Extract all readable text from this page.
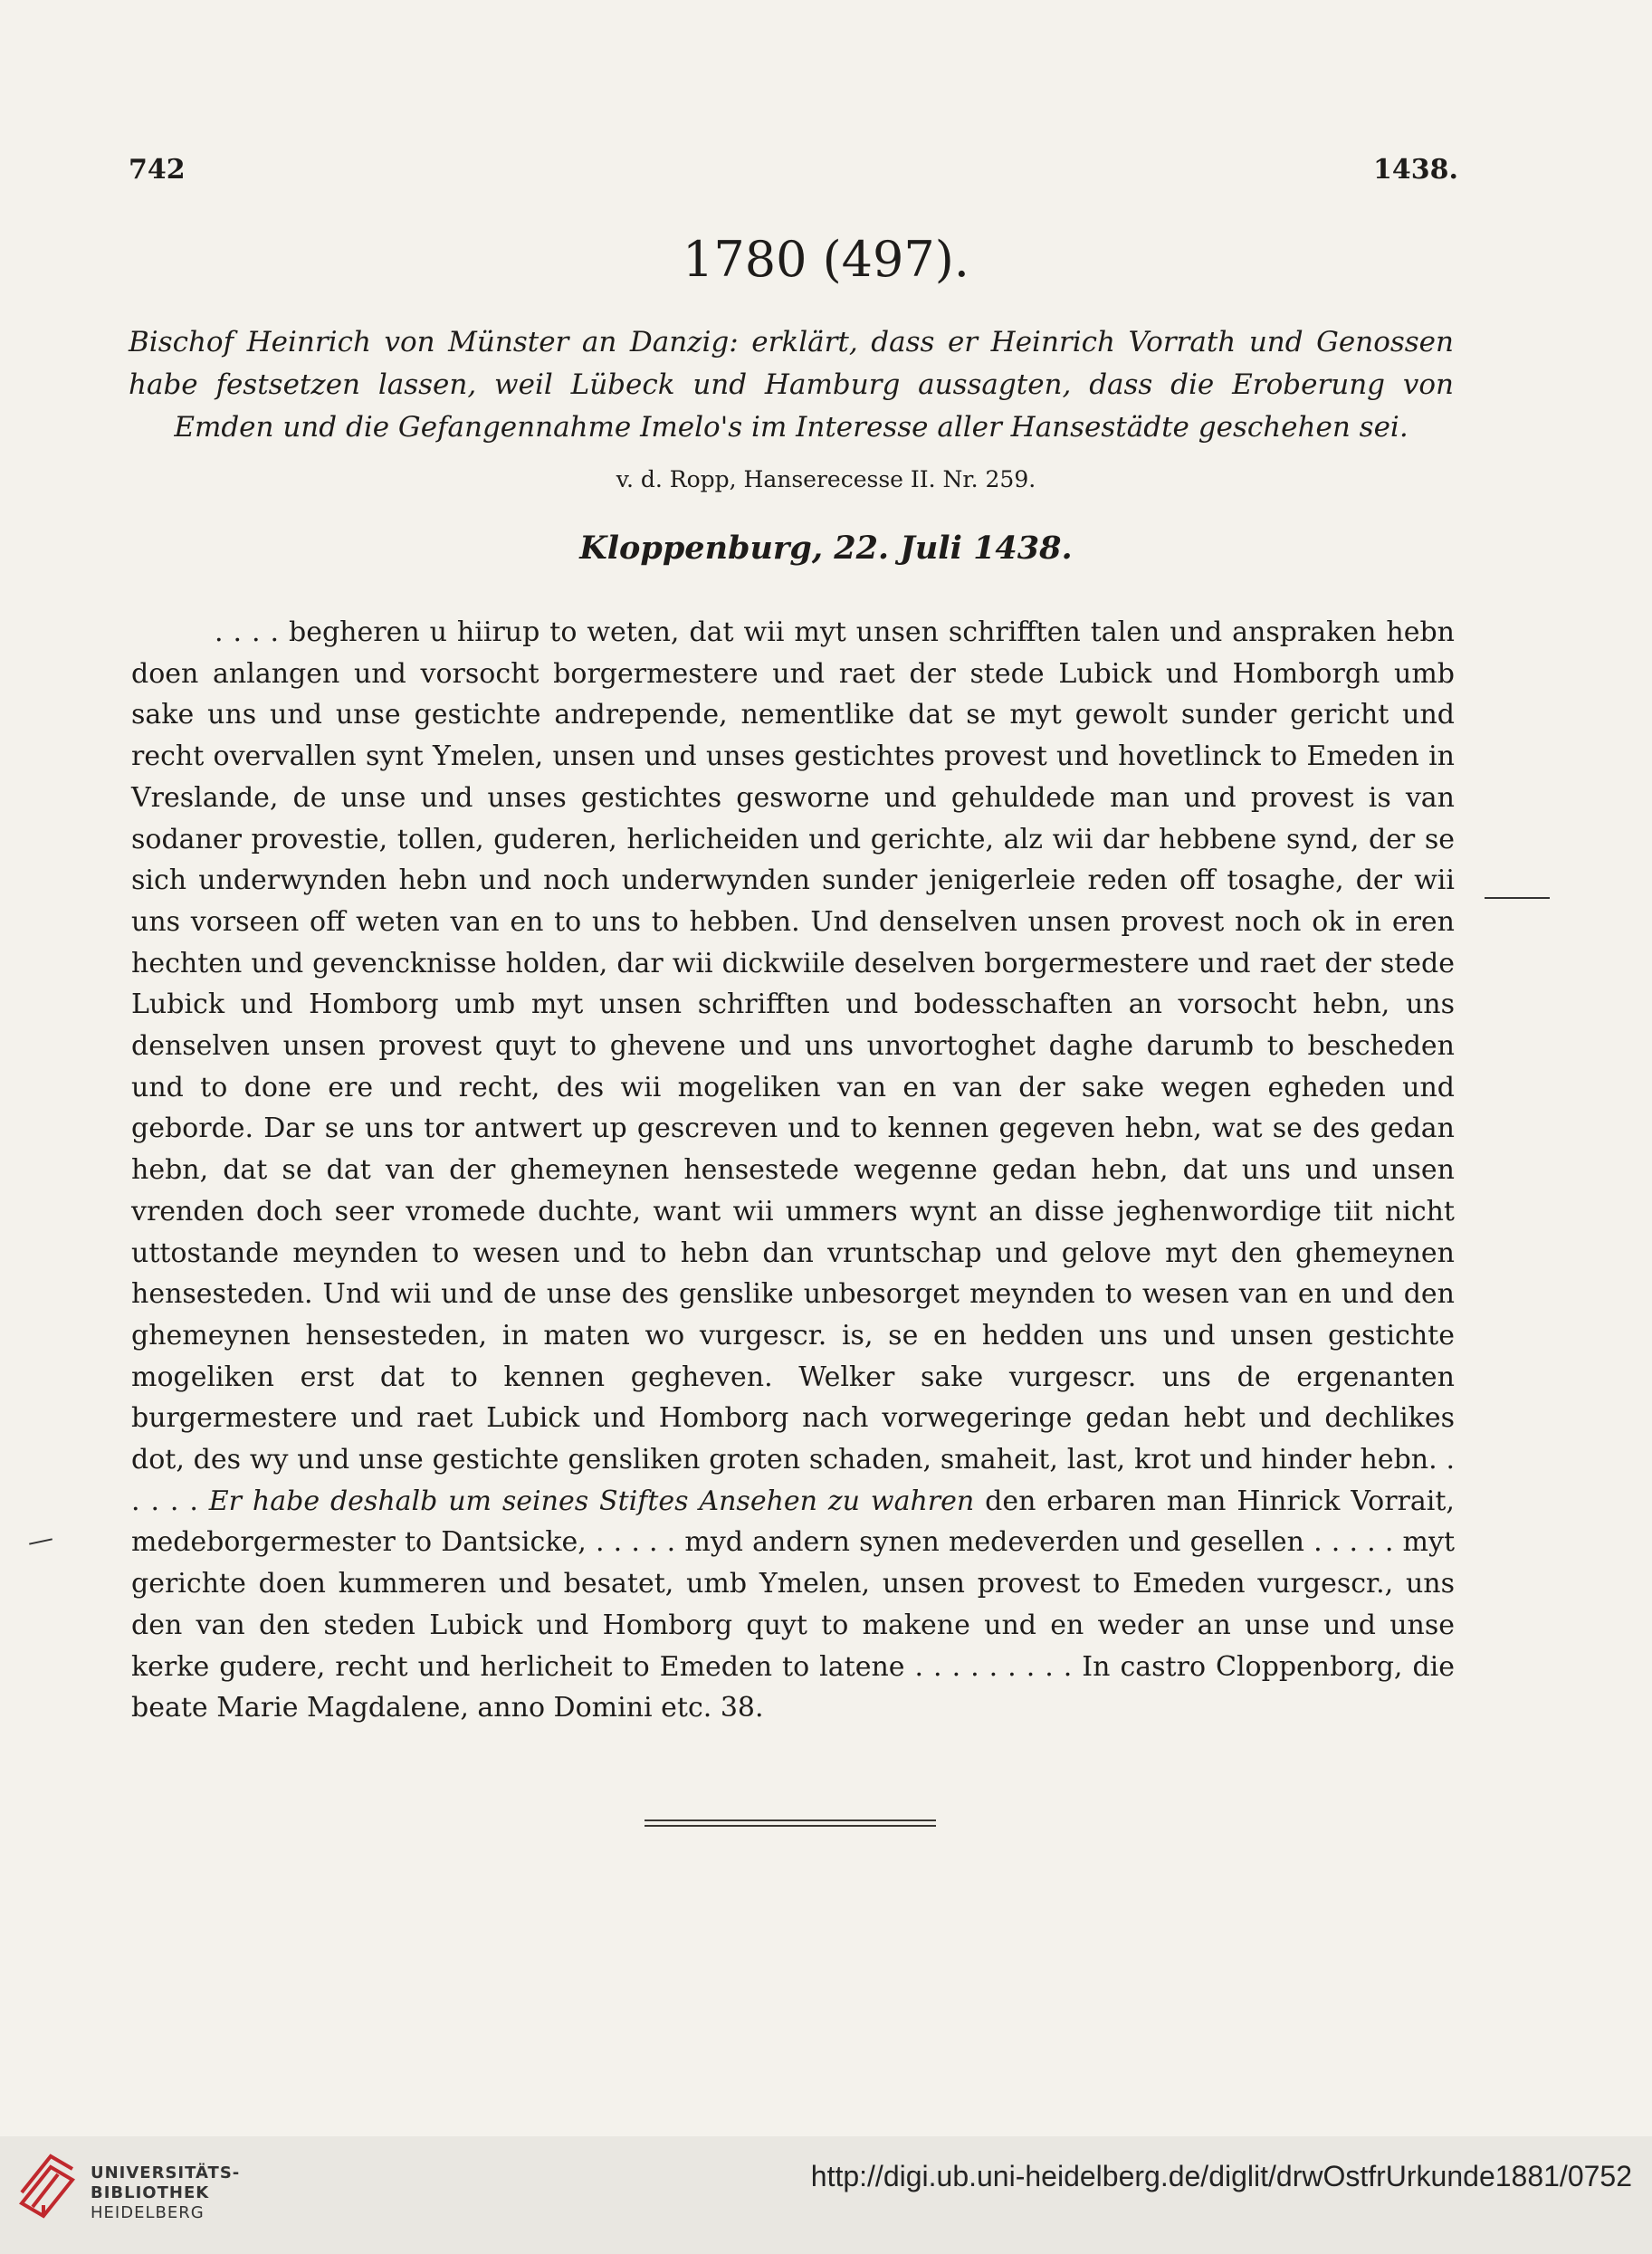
742	1438.
1780 (497).
Bischof Heinrich von Münster an Danzig: erklärt, dass er Heinrich Vorrath und Genossen habe festsetzen lassen, weil Lübeck und Hamburg aussagten, dass die Eroberung von Emden und die Gefangennahme Imelo's im Interesse aller Hansestädte geschehen sei.
v. d. Ropp, Hanserecesse II. Nr. 259.
Kloppenburg, 22. Juli 1438.
. . . . begheren u hiirup to weten, dat wii myt unsen schrifften talen und anspraken hebn doen anlangen und vorsocht borgermestere und raet der stede Lubick und Homborgh umb sake uns und unse gestichte andrepende, nementlike dat se myt gewolt sunder gericht und recht overvallen synt Ymelen, unsen und unses gestichtes provest und hovetlinck to Emeden in Vreslande, de unse und unses gestichtes gesworne und gehuldede man und provest is van sodaner provestie, tollen, guderen, herlicheiden und gerichte, alz wii dar hebbene synd, der se sich underwynden hebn und noch underwynden sunder jenigerleie reden off tosaghe, der wii uns vorseen off weten van en to uns to hebben. Und denselven unsen provest noch ok in eren hechten und gevencknisse holden, dar wii dickwiile deselven borgermestere und raet der stede Lubick und Homborg umb myt unsen schrifften und bodesschaften an vorsocht hebn, uns denselven unsen provest quyt to ghevene und uns unvortoghet daghe darumb to bescheden und to done ere und recht, des wii mogeliken van en van der sake wegen egheden und geborde. Dar se uns tor antwert up gescreven und to kennen gegeven hebn, wat se des gedan hebn, dat se dat van der ghemeynen hensestede wegenne gedan hebn, dat uns und unsen vrenden doch seer vromede duchte, want wii ummers wynt an disse jeghenwordige tiit nicht uttostande meynden to wesen und to hebn dan vruntschap und gelove myt den ghemeynen hensesteden. Und wii und de unse des genslike unbesorget meynden to wesen van en und den ghemeynen hensesteden, in maten wo vurgescr. is, se en hedden uns und unsen gestichte mogeliken erst dat to kennen gegheven. Welker sake vurgescr. uns de ergenanten burgermestere und raet Lubick und Homborg nach vorwegeringe gedan hebt und dechlikes dot, des wy und unse gestichte gensliken groten schaden, smaheit, last, krot und hinder hebn. . . . . . Er habe deshalb um seines Stiftes Ansehen zu wahren den erbaren man Hinrick Vorrait, medeborgermester to Dantsicke, . . . . . myd andern synen medeverden und gesellen . . . . . myt gerichte doen kummeren und besatet, umb Ymelen, unsen provest to Emeden vurgescr., uns den van den steden Lubick und Homborg quyt to makene und en weder an unse und unse kerke gudere, recht und herlicheit to Emeden to latene . . . . . . . . . In castro Cloppenborg, die beate Marie Magdalene, anno Domini etc. 38.
UNIVERSITÄTS-
BIBLIOTHEK
HEIDELBERG
http://digi.ub.uni-heidelberg.de/diglit/drwOstfrUrkunde1881/0752
